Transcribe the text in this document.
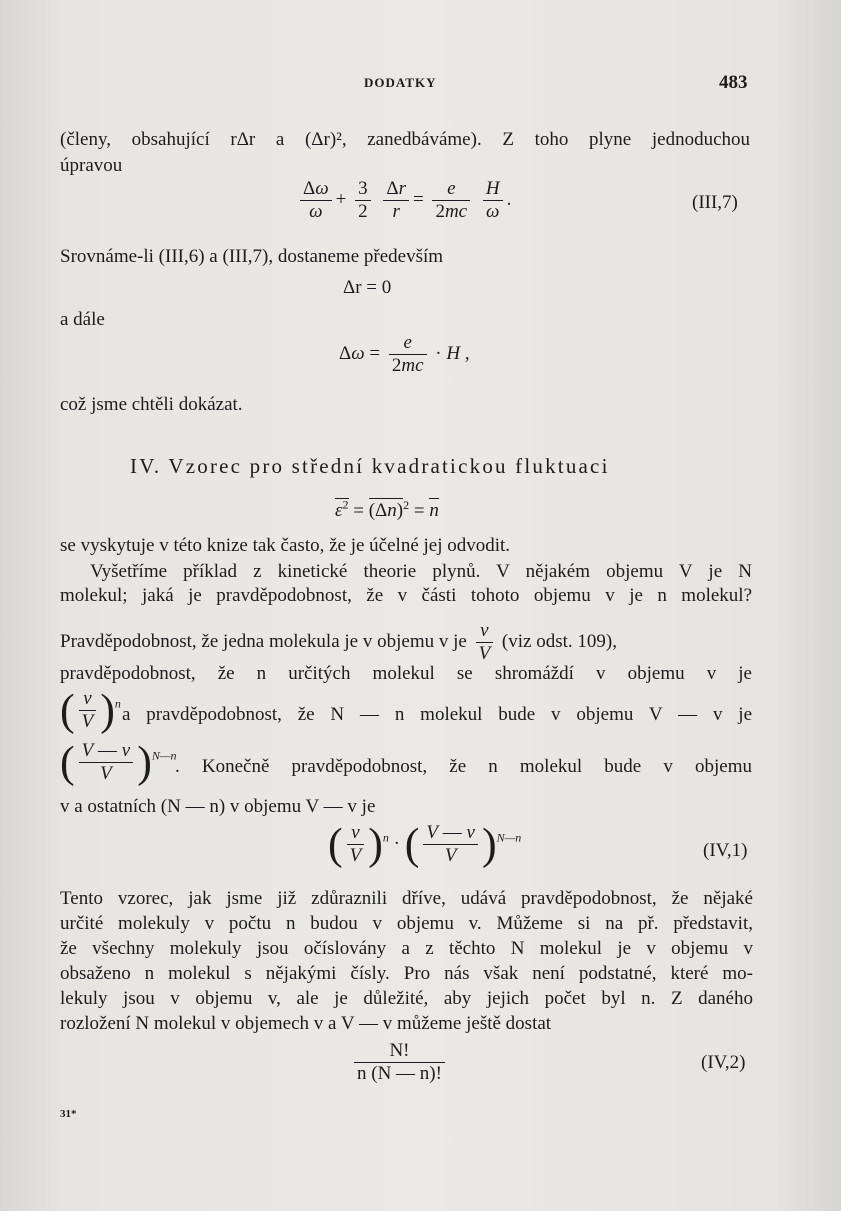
DODATKY	483
(členy, obsahující rΔr a (Δr)², zanedbáváme). Z toho plyne jednoduchou
úpravou
$\frac{\Delta\omega}{\omega} + \frac{3}{2}$
$\frac{\Delta r}{r} = \frac{e}{2mc}$
$\frac{H}{\omega}$ .	(III,7)
Srovnáme-li (III,6) a (III,7), dostaneme především
Δr = 0
a dále
$\Delta\omega = \frac{e}{2mc} \cdot H$ ,
což jsme chtěli dokázat.
IV. Vzorec pro střední kvadratickou fluktuaci
$\varepsilon^2 = (\Delta n)^2 = n$
se vyskytuje v této knize tak často, že je účelné jej odvodit.
Vyšetříme příklad z kinetické theorie plynů. V nějakém objemu V je N
molekul; jaká je pravděpodobnost, že v části tohoto objemu v je n molekul?
Pravděpodobnost, že jedna molekula je v objemu v je $\frac{v}{V} (viz$ odst. 109),
pravděpodobnost, že n určitých molekul se shromáždí v objemu v je
( $\frac{v}{V} )^n$
a pravděpodobnost, že N — n molekul bude v objemu V — v je
( $\frac{V — v}{V} )^{N—n}$
. Konečně pravděpodobnost, že n molekul bude v objemu
v a ostatních (N — n) v objemu V — v je
( $\frac{v}{V} )^n$ · ( $\frac{V — v}{V} )^{N—n}$
(IV,1)
Tento vzorec, jak jsme již zdůraznili dříve, udává pravděpodobnost, že nějaké
určité molekuly v počtu n budou v objemu v. Můžeme si na př. představit,
že všechny molekuly jsou očíslovány a z těchto N molekul je v objemu v
obsaženo n molekul s nějakými čísly. Pro nás však není podstatné, které mo-
lekuly jsou v objemu v, ale je důležité, aby jejich počet byl n. Z daného
rozložení N molekul v objemech v a V — v můžeme ještě dostat
$\frac{N!}{n (N — n)!}$	(IV,2)
31*
